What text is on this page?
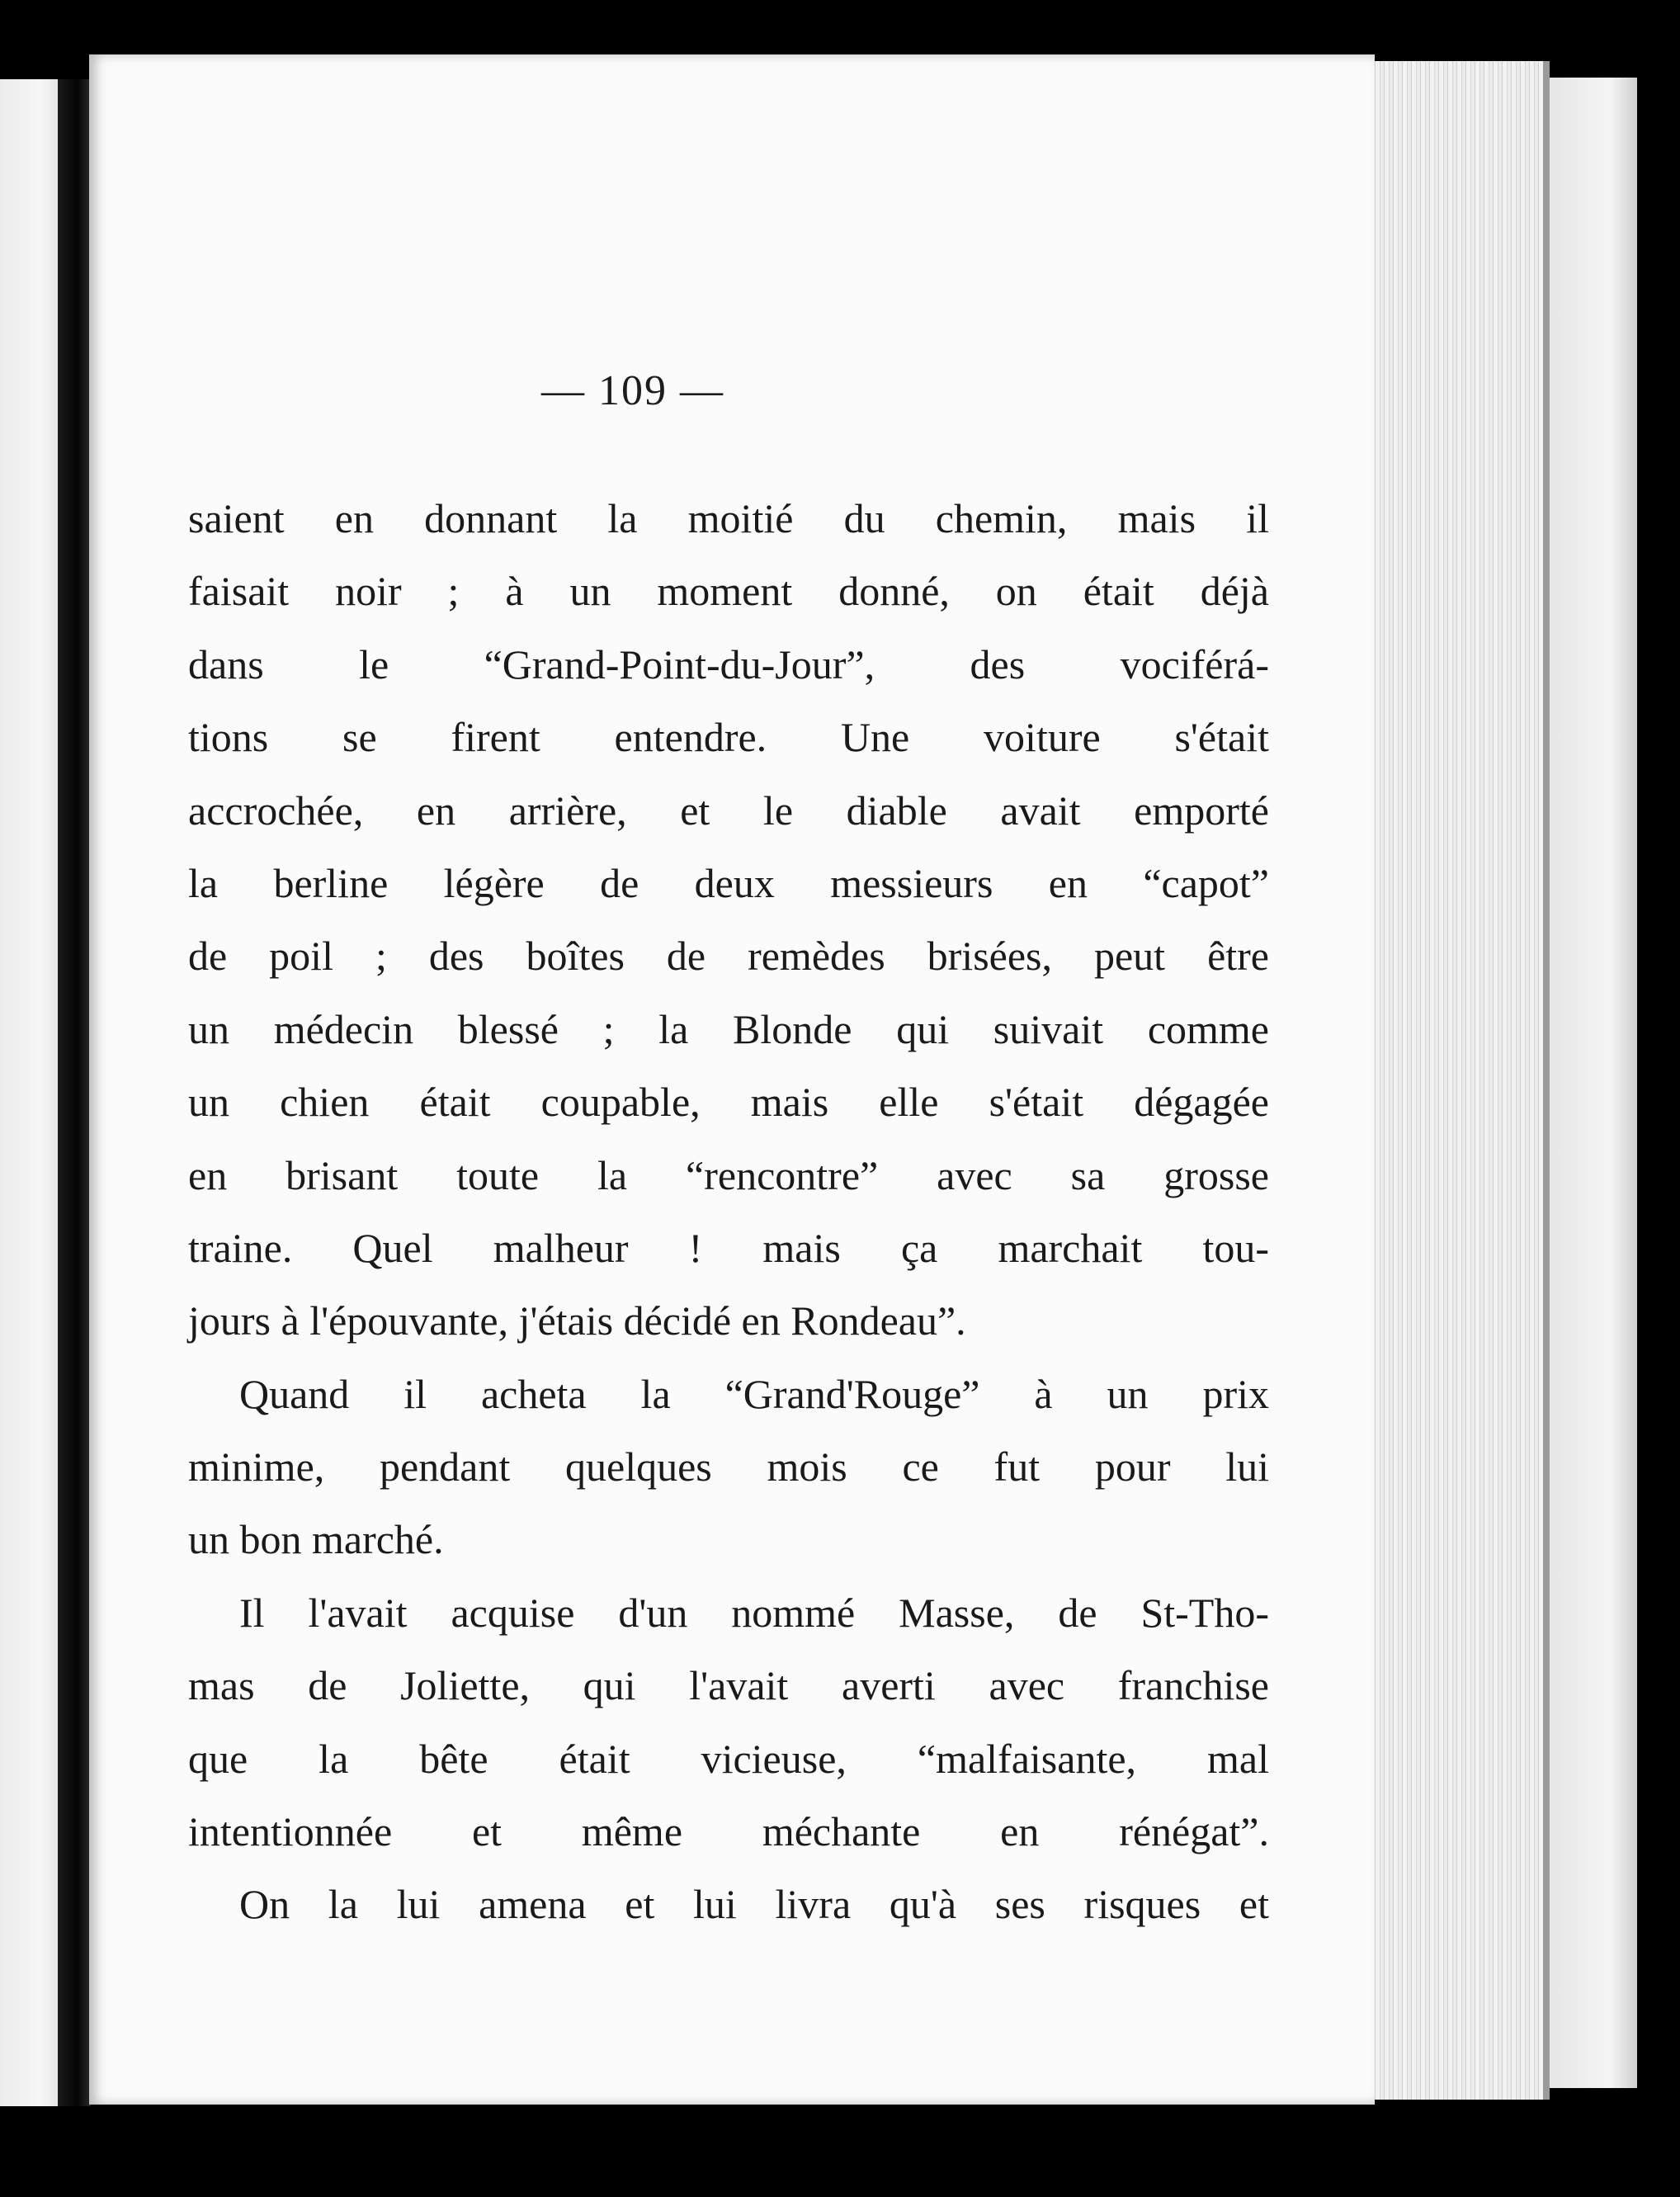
— 109 —
saient en donnant la moitié du chemin, mais il
faisait noir ; à un moment donné, on était déjà
dans le “Grand-Point-du-Jour”, des vociférá-
tions se firent entendre. Une voiture s'était
accrochée, en arrière, et le diable avait emporté
la berline légère de deux messieurs en “capot”
de poil ; des boîtes de remèdes brisées, peut être
un médecin blessé ; la Blonde qui suivait comme
un chien était coupable, mais elle s'était dégagée
en brisant toute la “rencontre” avec sa grosse
traine. Quel malheur ! mais ça marchait tou-
jours à l'épouvante, j'étais décidé en Rondeau”.
Quand il acheta la “Grand'Rouge” à un prix
minime, pendant quelques mois ce fut pour lui
un bon marché.
Il l'avait acquise d'un nommé Masse, de St-Tho-
mas de Joliette, qui l'avait averti avec franchise
que la bête était vicieuse, “malfaisante, mal
intentionnée et même méchante en rénégat”.
On la lui amena et lui livra qu'à ses risques et
